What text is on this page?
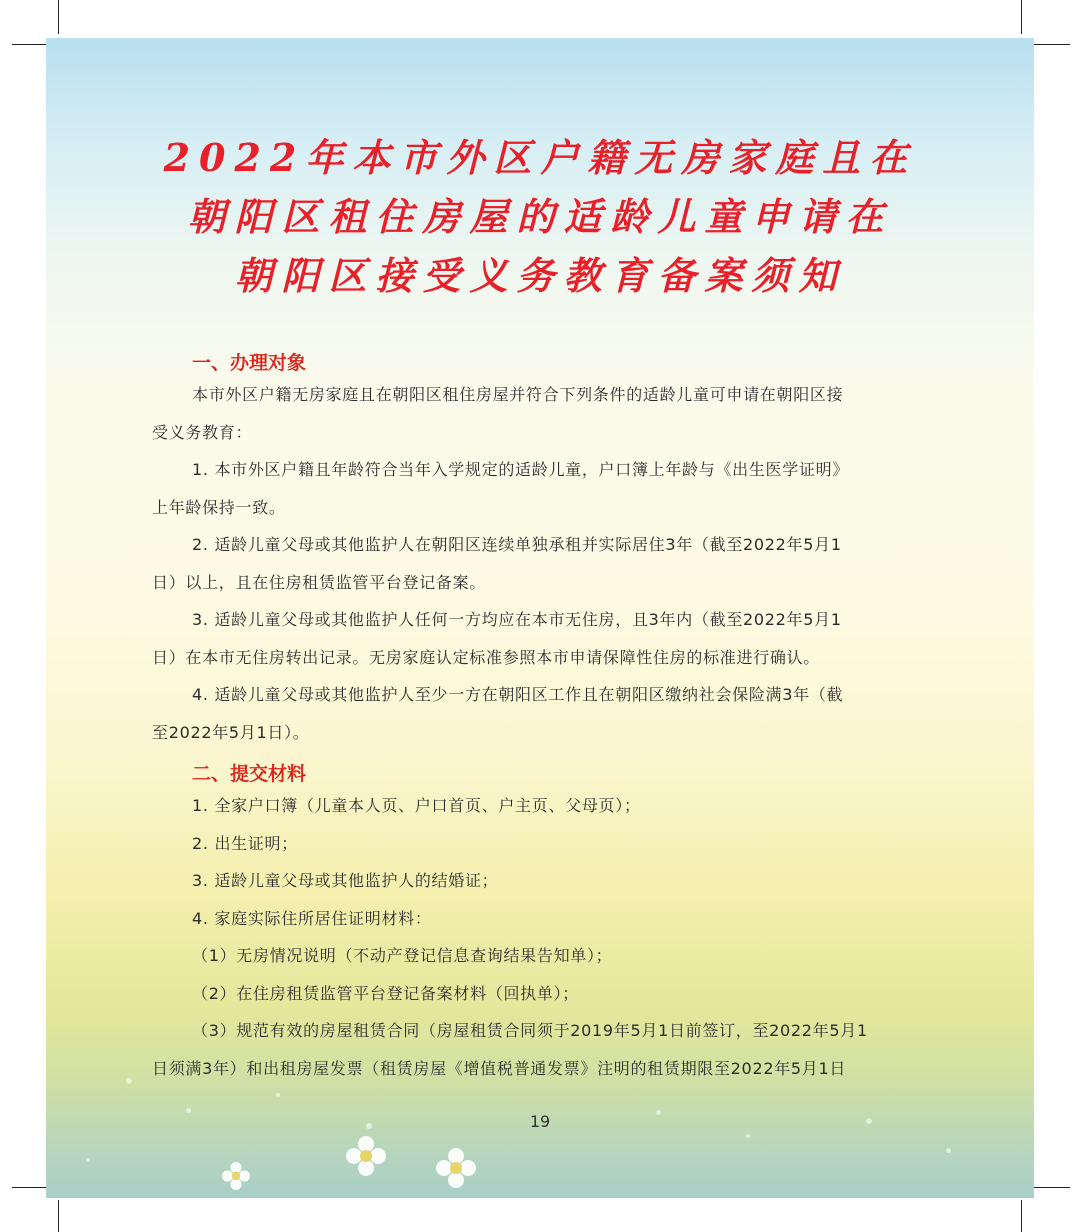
2022年本市外区户籍无房家庭且在
朝阳区租住房屋的适龄儿童申请在
朝阳区接受义务教育备案须知
一、办理对象
本市外区户籍无房家庭且在朝阳区租住房屋并符合下列条件的适龄儿童可申请在朝阳区接
受义务教育：
1. 本市外区户籍且年龄符合当年入学规定的适龄儿童，户口簿上年龄与《出生医学证明》
上年龄保持一致。
2. 适龄儿童父母或其他监护人在朝阳区连续单独承租并实际居住3年（截至2022年5月1
日）以上，且在住房租赁监管平台登记备案。
3. 适龄儿童父母或其他监护人任何一方均应在本市无住房，且3年内（截至2022年5月1
日）在本市无住房转出记录。无房家庭认定标准参照本市申请保障性住房的标准进行确认。
4. 适龄儿童父母或其他监护人至少一方在朝阳区工作且在朝阳区缴纳社会保险满3年（截
至2022年5月1日）。
二、提交材料

1. 全家户口簿（儿童本人页、户口首页、户主页、父母页）；

2. 出生证明；

3. 适龄儿童父母或其他监护人的结婚证；

4. 家庭实际住所居住证明材料：

（1）无房情况说明（不动产登记信息查询结果告知单）；

（2）在住房租赁监管平台登记备案材料（回执单）；

（3）规范有效的房屋租赁合同（房屋租赁合同须于2019年5月1日前签订，至2022年5月1
日须满3年）和出租房屋发票（租赁房屋《增值税普通发票》注明的租赁期限至2022年5月1日
19
